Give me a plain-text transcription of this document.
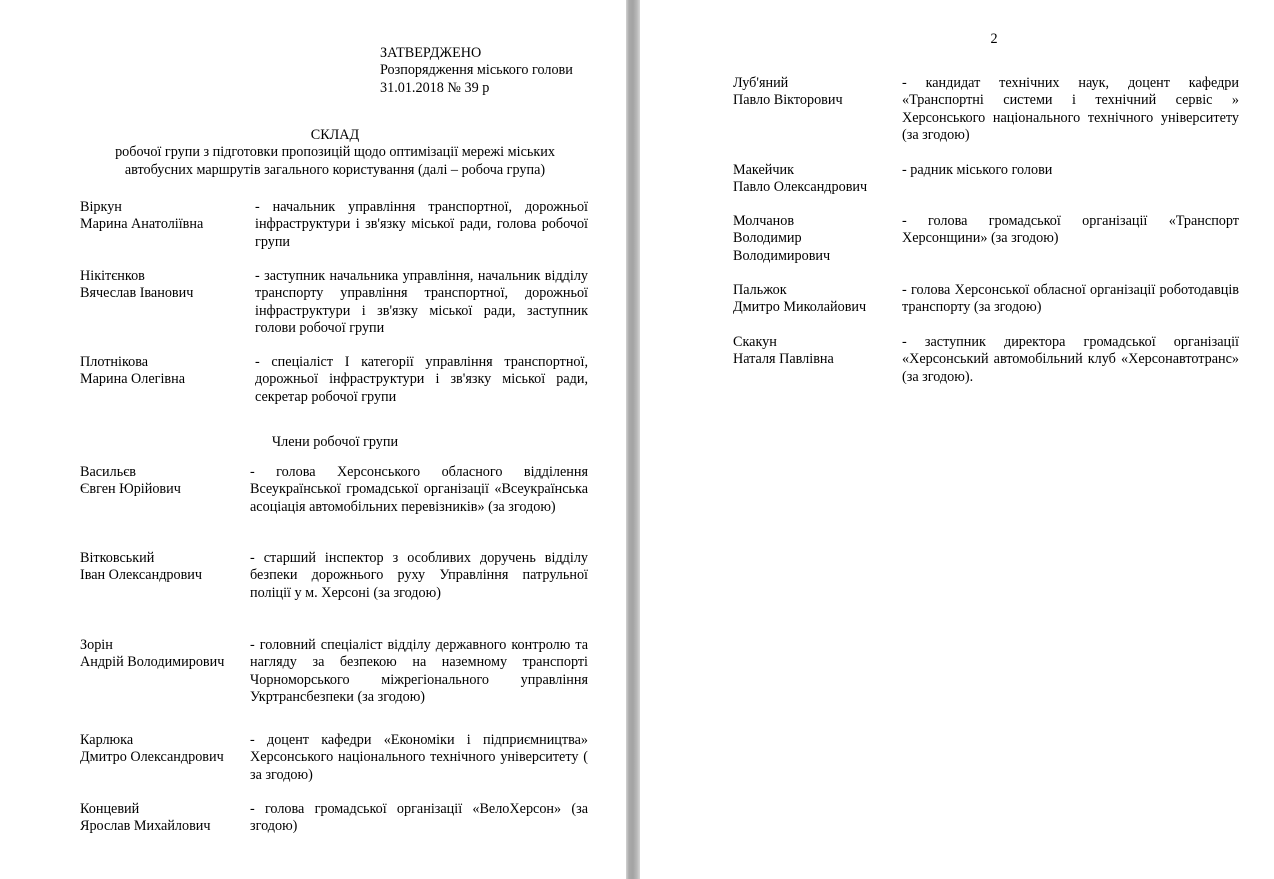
ЗАТВЕРДЖЕНО
Розпорядження міського голови
31.01.2018 № 39 р
СКЛАД
робочої групи з підготовки пропозицій щодо оптимізації мережі міських автобусних маршрутів загального користування (далі – робоча група)
Віркун
Марина Анатоліївна
- начальник управління транспортної, дорожньої інфраструктури і зв'язку міської ради, голова робочої групи
Нікітєнков
Вячеслав Іванович
- заступник начальника управління, начальник відділу транспорту управління транспортної, дорожньої інфраструктури і зв'язку міської ради, заступник голови робочої групи
Плотнікова
Марина Олегівна
- спеціаліст І категорії управління транспортної, дорожньої інфраструктури і зв'язку міської ради, секретар робочої групи
Члени робочої групи
Васильєв
Євген Юрійович
- голова Херсонського обласного відділення Всеукраїнської громадської організації «Всеукраїнська асоціація автомобільних перевізників» (за згодою)
Вітковський
Іван Олександрович
- старший інспектор з особливих доручень відділу безпеки дорожнього руху Управління патрульної поліції у м. Херсоні (за згодою)
Зорін
Андрій Володимирович
- головний спеціаліст відділу державного контролю та нагляду за безпекою на наземному транспорті Чорноморського міжрегіонального управління Укртрансбезпеки (за згодою)
Карлюка
Дмитро Олександрович
- доцент кафедри «Економіки і підприємництва» Херсонського національного технічного університету ( за згодою)
Концевий
Ярослав Михайлович
- голова громадської організації «ВелоХерсон» (за згодою)
2
Луб'яний
Павло Вікторович
- кандидат технічних наук, доцент кафедри «Транспортні системи і технічний сервіс » Херсонського національного технічного університету (за згодою)
Макейчик
Павло Олександрович
- радник міського голови
Молчанов
Володимир Володимирович
- голова громадської організації «Транспорт Херсонщини» (за згодою)
Пальжок
Дмитро Миколайович
- голова Херсонської обласної організації роботодавців транспорту (за згодою)
Скакун
Наталя Павлівна
- заступник директора громадської організації «Херсонський автомобільний клуб «Херсонавтотранс» (за згодою).
